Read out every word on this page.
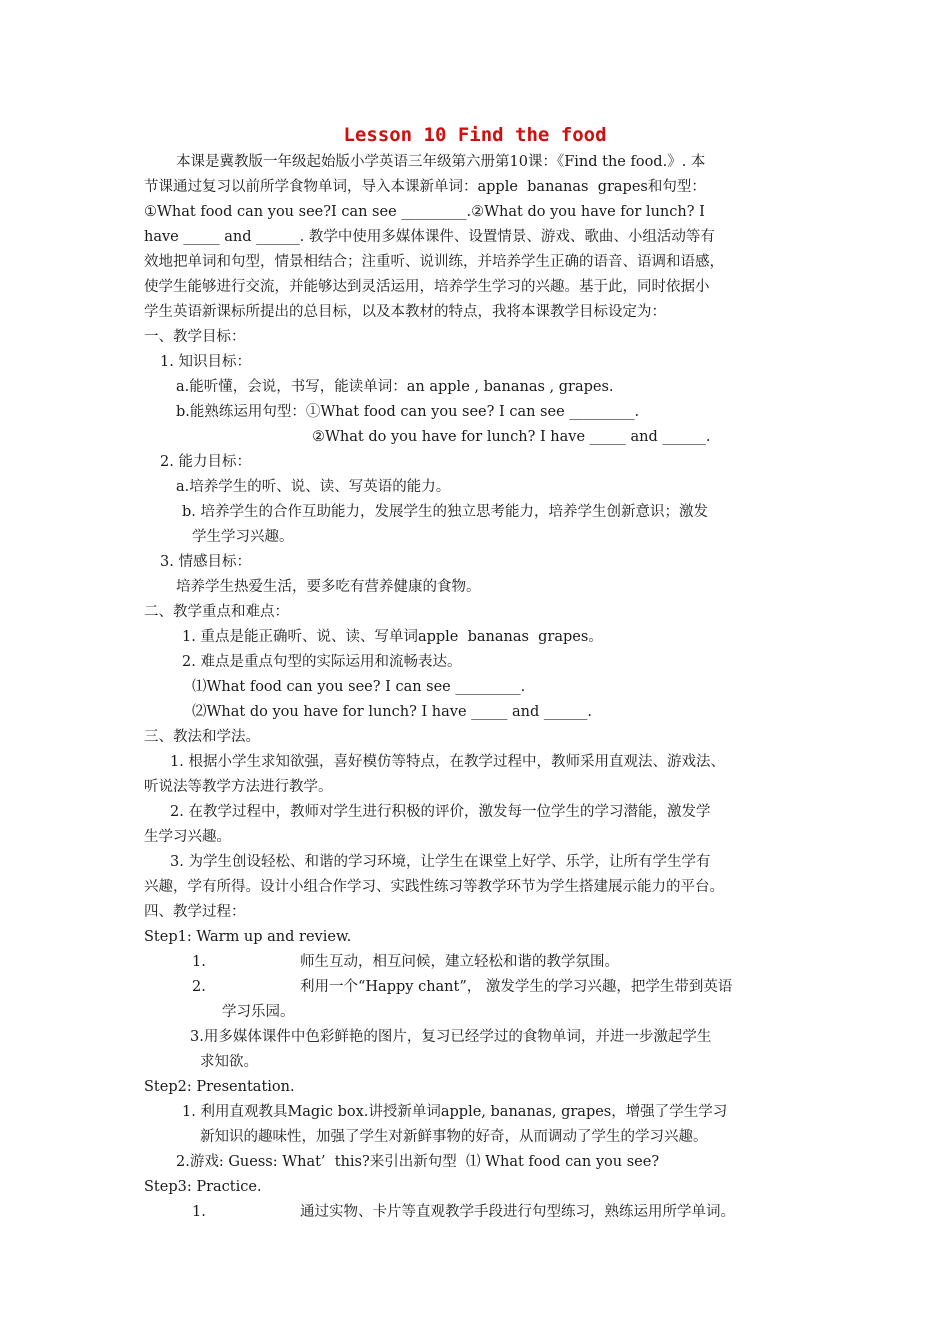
Lesson 10 Find the food
本课是冀教版一年级起始版小学英语三年级第六册第10课：《Find the food.》. 本
节课通过复习以前所学食物单词，导入本课新单词：apple  bananas  grapes和句型：
①What food can you see?I can see _________.②What do you have for lunch? I
have _____ and ______. 教学中使用多媒体课件、设置情景、游戏、歌曲、小组活动等有
效地把单词和句型，情景相结合；注重听、说训练，并培养学生正确的语音、语调和语感，
使学生能够进行交流，并能够达到灵活运用，培养学生学习的兴趣。基于此，同时依据小
学生英语新课标所提出的总目标，以及本教材的特点，我将本课教学目标设定为：
一、教学目标：
1. 知识目标：
a.能听懂，会说，书写，能读单词：an apple , bananas , grapes.
b.能熟练运用句型：①What food can you see? I can see _________.
②What do you have for lunch? I have _____ and ______.
2. 能力目标：
a.培养学生的听、说、读、写英语的能力。
b. 培养学生的合作互助能力，发展学生的独立思考能力，培养学生创新意识；激发
学生学习兴趣。
3. 情感目标：
培养学生热爱生活，要多吃有营养健康的食物。
二、教学重点和难点：
1. 重点是能正确听、说、读、写单词apple  bananas  grapes。
2. 难点是重点句型的实际运用和流畅表达。
⑴What food can you see? I can see _________.
⑵What do you have for lunch? I have _____ and ______.
三、教法和学法。
1. 根据小学生求知欲强，喜好模仿等特点，在教学过程中，教师采用直观法、游戏法、
听说法等教学方法进行教学。
2. 在教学过程中，教师对学生进行积极的评价，激发每一位学生的学习潜能，激发学
生学习兴趣。
3. 为学生创设轻松、和谐的学习环境，让学生在课堂上好学、乐学，让所有学生学有
兴趣，学有所得。设计小组合作学习、实践性练习等教学环节为学生搭建展示能力的平台。
四、教学过程：
Step1: Warm up and review.
1.	师生互动，相互问候，建立轻松和谐的教学氛围。
2.	利用一个“Happy chant”， 激发学生的学习兴趣，把学生带到英语
学习乐园。
3.用多媒体课件中色彩鲜艳的图片，复习已经学过的食物单词，并进一步激起学生
求知欲。
Step2: Presentation.
1. 利用直观教具Magic box.讲授新单词apple, bananas, grapes，增强了学生学习
新知识的趣味性，加强了学生对新鲜事物的好奇，从而调动了学生的学习兴趣。
2.游戏: Guess: What’  this?来引出新句型  ⑴ What food can you see?
Step3: Practice.
1.	通过实物、卡片等直观教学手段进行句型练习，熟练运用所学单词。
